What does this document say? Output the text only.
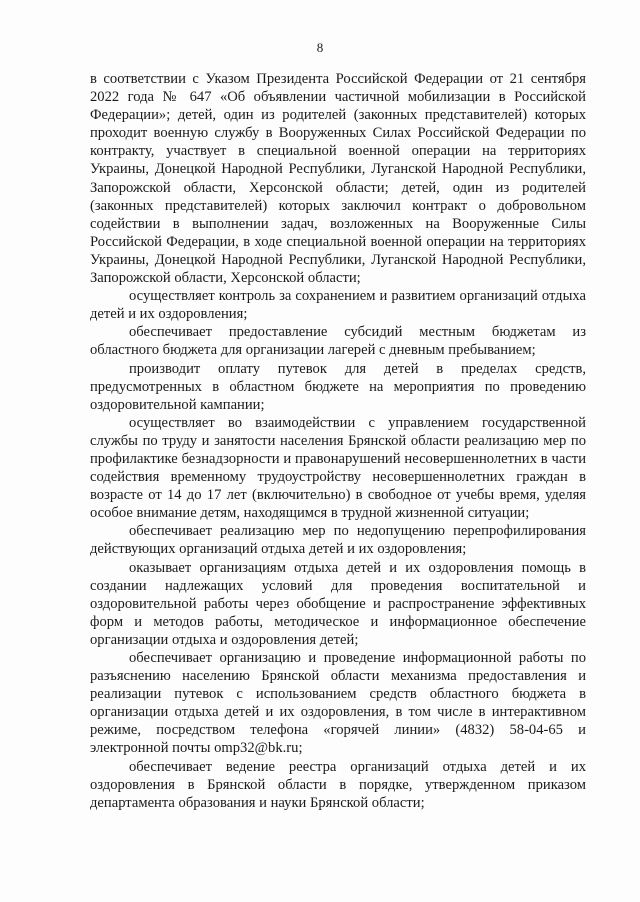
8

в соответствии с Указом Президента Российской Федерации от 21 сентября 2022 года № 647 «Об объявлении частичной мобилизации в Российской Федерации»; детей, один из родителей (законных представителей) которых проходит военную службу в Вооруженных Силах Российской Федерации по контракту, участвует в специальной военной операции на территориях Украины, Донецкой Народной Республики, Луганской Народной Республики, Запорожской области, Херсонской области; детей, один из родителей (законных представителей) которых заключил контракт о добровольном содействии в выполнении задач, возложенных на Вооруженные Силы Российской Федерации, в ходе специальной военной операции на территориях Украины, Донецкой Народной Республики, Луганской Народной Республики, Запорожской области, Херсонской области;

осуществляет контроль за сохранением и развитием организаций отдыха детей и их оздоровления;

обеспечивает предоставление субсидий местным бюджетам из областного бюджета для организации лагерей с дневным пребыванием;

производит оплату путевок для детей в пределах средств, предусмотренных в областном бюджете на мероприятия по проведению оздоровительной кампании;

осуществляет во взаимодействии с управлением государственной службы по труду и занятости населения Брянской области реализацию мер по профилактике безнадзорности и правонарушений несовершеннолетних в части содействия временному трудоустройству несовершеннолетних граждан в возрасте от 14 до 17 лет (включительно) в свободное от учебы время, уделяя особое внимание детям, находящимся в трудной жизненной ситуации;

обеспечивает реализацию мер по недопущению перепрофилирования действующих организаций отдыха детей и их оздоровления;

оказывает организациям отдыха детей и их оздоровления помощь в создании надлежащих условий для проведения воспитательной и оздоровительной работы через обобщение и распространение эффективных форм и методов работы, методическое и информационное обеспечение организации отдыха и оздоровления детей;

обеспечивает организацию и проведение информационной работы по разъяснению населению Брянской области механизма предоставления и реализации путевок с использованием средств областного бюджета в организации отдыха детей и их оздоровления, в том числе в интерактивном режиме, посредством телефона «горячей линии» (4832) 58-04-65 и электронной почты omp32@bk.ru;

обеспечивает ведение реестра организаций отдыха детей и их оздоровления в Брянской области в порядке, утвержденном приказом департамента образования и науки Брянской области;
